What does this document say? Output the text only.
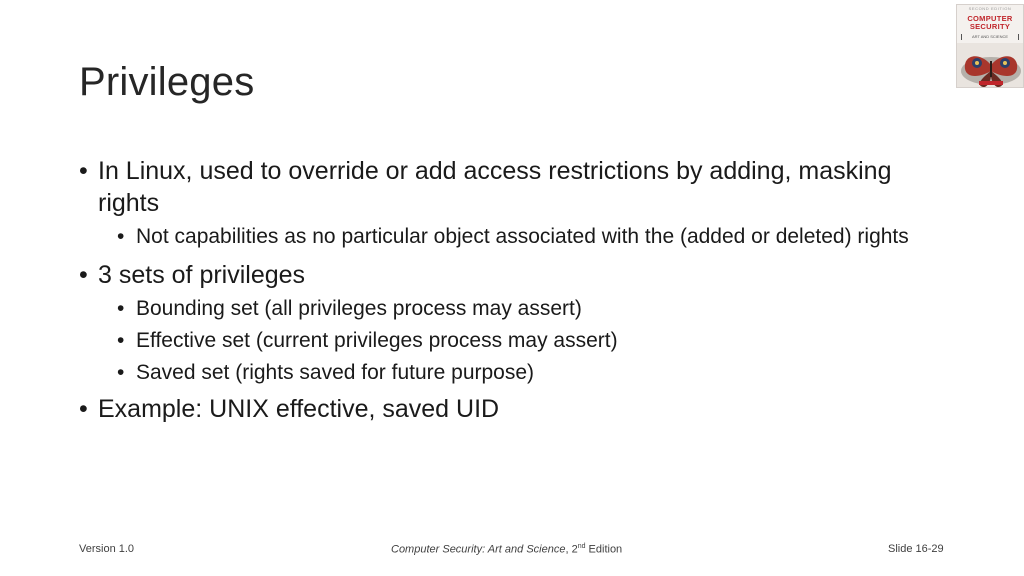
Privileges
SECOND EDITION
COMPUTER
SECURITY
ART AND SCIENCE
• In Linux, used to override or add access restrictions by adding, masking rights
• Not capabilities as no particular object associated with the (added or deleted) rights
• 3 sets of privileges
• Bounding set (all privileges process may assert)
• Effective set (current privileges process may assert)
• Saved set (rights saved for future purpose)
• Example: UNIX effective, saved UID
Version 1.0	Computer Security: Art and Science, 2nd Edition	Slide 16-29
